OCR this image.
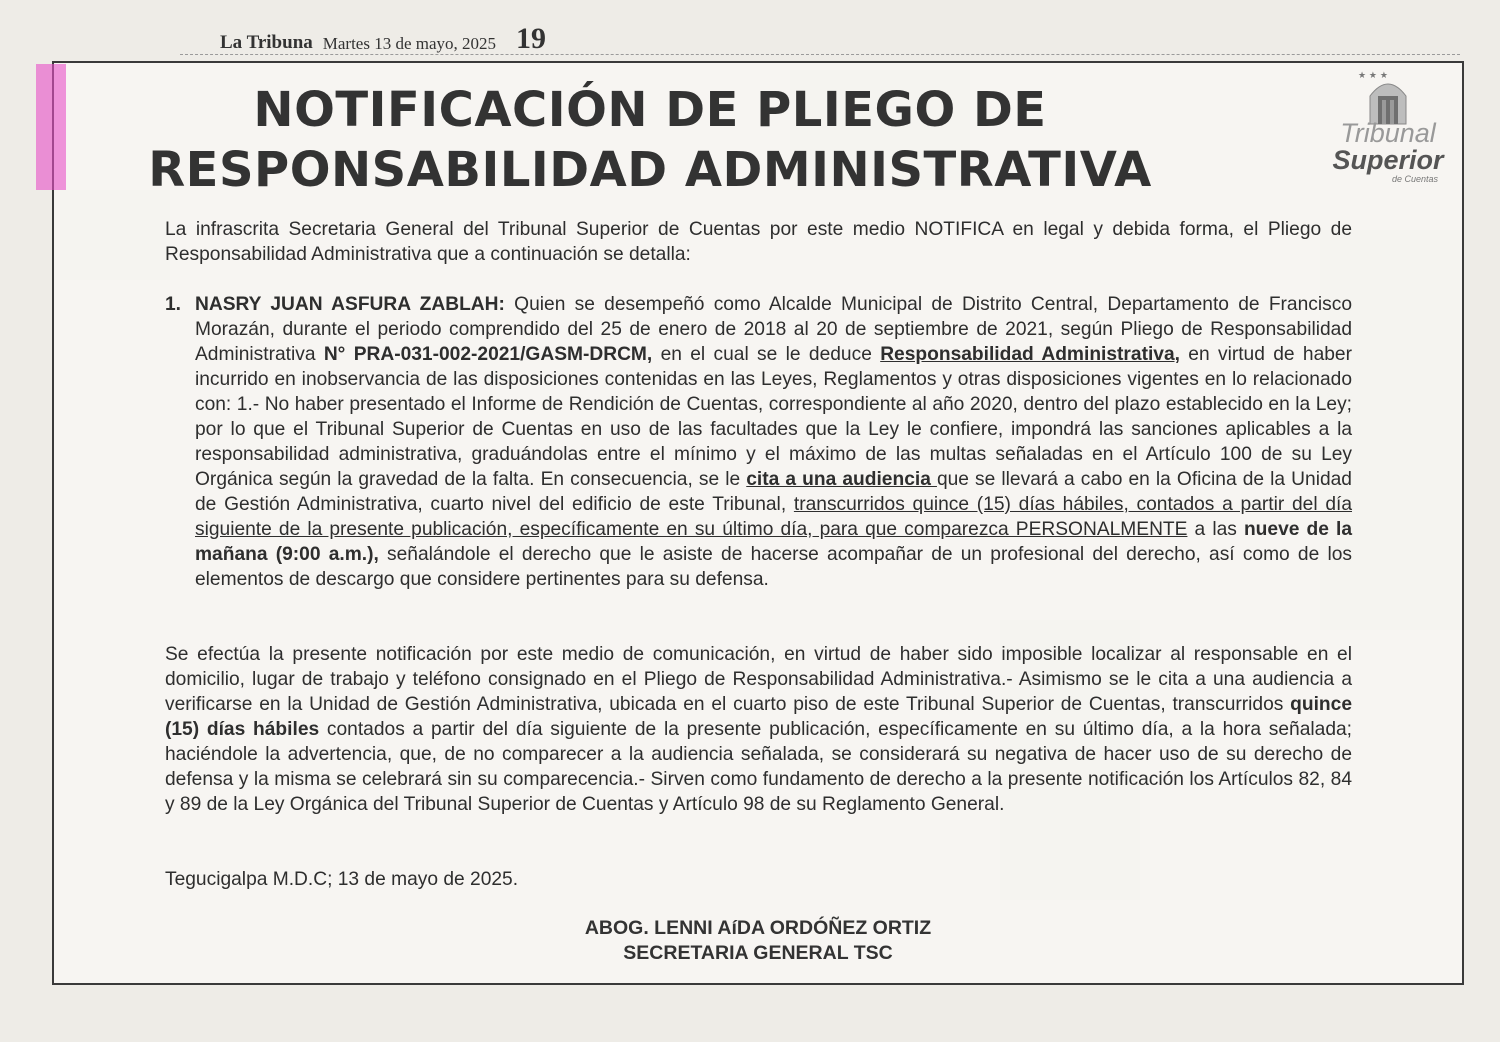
La Tribuna Martes 13 de mayo, 2025 19
NOTIFICACIÓN DE PLIEGO DE
RESPONSABILIDAD ADMINISTRATIVA
★ ★ ★
Tribunal
Superior
de Cuentas

La infrascrita Secretaria General del Tribunal Superior de Cuentas por este medio NOTIFICA en legal y debida forma, el Pliego de Responsabilidad Administrativa que a continuación se detalla:

1. NASRY JUAN ASFURA ZABLAH: Quien se desempeñó como Alcalde Municipal de Distrito Central, Departamento de Francisco Morazán, durante el periodo comprendido del 25 de enero de 2018 al 20 de septiembre de 2021, según Pliego de Responsabilidad Administrativa N° PRA-031-002-2021/GASM-DRCM, en el cual se le deduce Responsabilidad Administrativa, en virtud de haber incurrido en inobservancia de las disposiciones contenidas en las Leyes, Reglamentos y otras disposiciones vigentes en lo relacionado con: 1.- No haber presentado el Informe de Rendición de Cuentas, correspondiente al año 2020, dentro del plazo establecido en la Ley; por lo que el Tribunal Superior de Cuentas en uso de las facultades que la Ley le confiere, impondrá las sanciones aplicables a la responsabilidad administrativa, graduándolas entre el mínimo y el máximo de las multas señaladas en el Artículo 100 de su Ley Orgánica según la gravedad de la falta. En consecuencia, se le cita a una audiencia que se llevará a cabo en la Oficina de la Unidad de Gestión Administrativa, cuarto nivel del edificio de este Tribunal, transcurridos quince (15) días hábiles, contados a partir del día siguiente de la presente publicación, específicamente en su último día, para que comparezca PERSONALMENTE a las nueve de la mañana (9:00 a.m.), señalándole el derecho que le asiste de hacerse acompañar de un profesional del derecho, así como de los elementos de descargo que considere pertinentes para su defensa.

Se efectúa la presente notificación por este medio de comunicación, en virtud de haber sido imposible localizar al responsable en el domicilio, lugar de trabajo y teléfono consignado en el Pliego de Responsabilidad Administrativa.- Asimismo se le cita a una audiencia a verificarse en la Unidad de Gestión Administrativa, ubicada en el cuarto piso de este Tribunal Superior de Cuentas, transcurridos quince (15) días hábiles contados a partir del día siguiente de la presente publicación, específicamente en su último día, a la hora señalada; haciéndole la advertencia, que, de no comparecer a la audiencia señalada, se considerará su negativa de hacer uso de su derecho de defensa y la misma se celebrará sin su comparecencia.- Sirven como fundamento de derecho a la presente notificación los Artículos 82, 84 y 89 de la Ley Orgánica del Tribunal Superior de Cuentas y Artículo 98 de su Reglamento General.

Tegucigalpa M.D.C; 13 de mayo de 2025.

ABOG. LENNI AíDA ORDÓÑEZ ORTIZ
SECRETARIA GENERAL TSC
